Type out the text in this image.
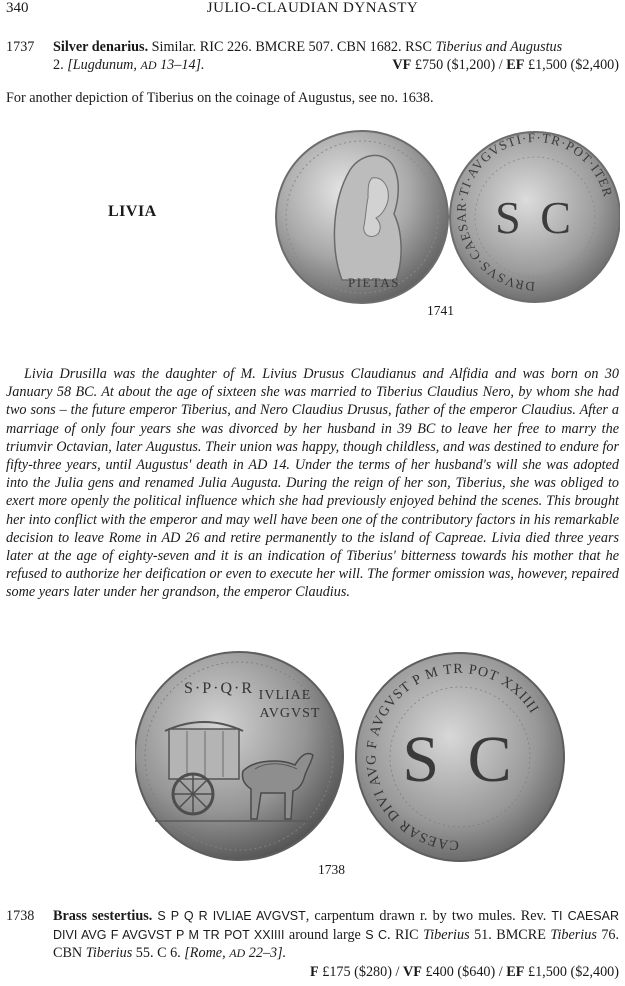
340	JULIO-CLAUDIAN DYNASTY
1737 Silver denarius. Similar. RIC 226. BMCRE 507. CBN 1682. RSC Tiberius and Augustus
2. [Lugdunum, AD 13–14].	VF £750 ($1,200) / EF £1,500 ($2,400)
For another depiction of Tiberius on the coinage of Augustus, see no. 1638.
LIVIA
PIETAS	DRVSVS·CAESAR·TI·AVGVSTI·F·TR·POT·ITER
S C
1741
Livia Drusilla was the daughter of M. Livius Drusus Claudianus and Alfidia and was born on 30 January 58 BC. At about the age of sixteen she was married to Tiberius Claudius Nero, by whom she had two sons – the future emperor Tiberius, and Nero Claudius Drusus, father of the emperor Claudius. After a marriage of only four years she was divorced by her husband in 39 BC to leave her free to marry the triumvir Octavian, later Augustus. Their union was happy, though childless, and was destined to endure for fifty-three years, until Augustus' death in AD 14. Under the terms of her husband's will she was adopted into the Julia gens and renamed Julia Augusta. During the reign of her son, Tiberius, she was obliged to exert more openly the political influence which she had previously enjoyed behind the scenes. This brought her into conflict with the emperor and may well have been one of the contributory factors in his remarkable decision to leave Rome in AD 26 and retire permanently to the island of Capreae. Livia died three years later at the age of eighty-seven and it is an indication of Tiberius' bitterness towards his mother that he refused to authorize her deification or even to execute her will. The former omission was, however, repaired some years later under her grandson, the emperor Claudius.
S·P·Q·R IVLIAE
AVGVST
CAESAR DIVI AVG F AVGVST P M TR POT XXIIII
S C
1738
1738 Brass sestertius. S P Q R IVLIAE AVGVST, carpentum drawn r. by two mules. Rev. TI CAESAR DIVI AVG F AVGVST P M TR POT XXIIII around large S C. RIC Tiberius 51. BMCRE Tiberius 76. CBN Tiberius 55. C 6. [Rome, AD 22–3].
F £175 ($280) / VF £400 ($640) / EF £1,500 ($2,400)
